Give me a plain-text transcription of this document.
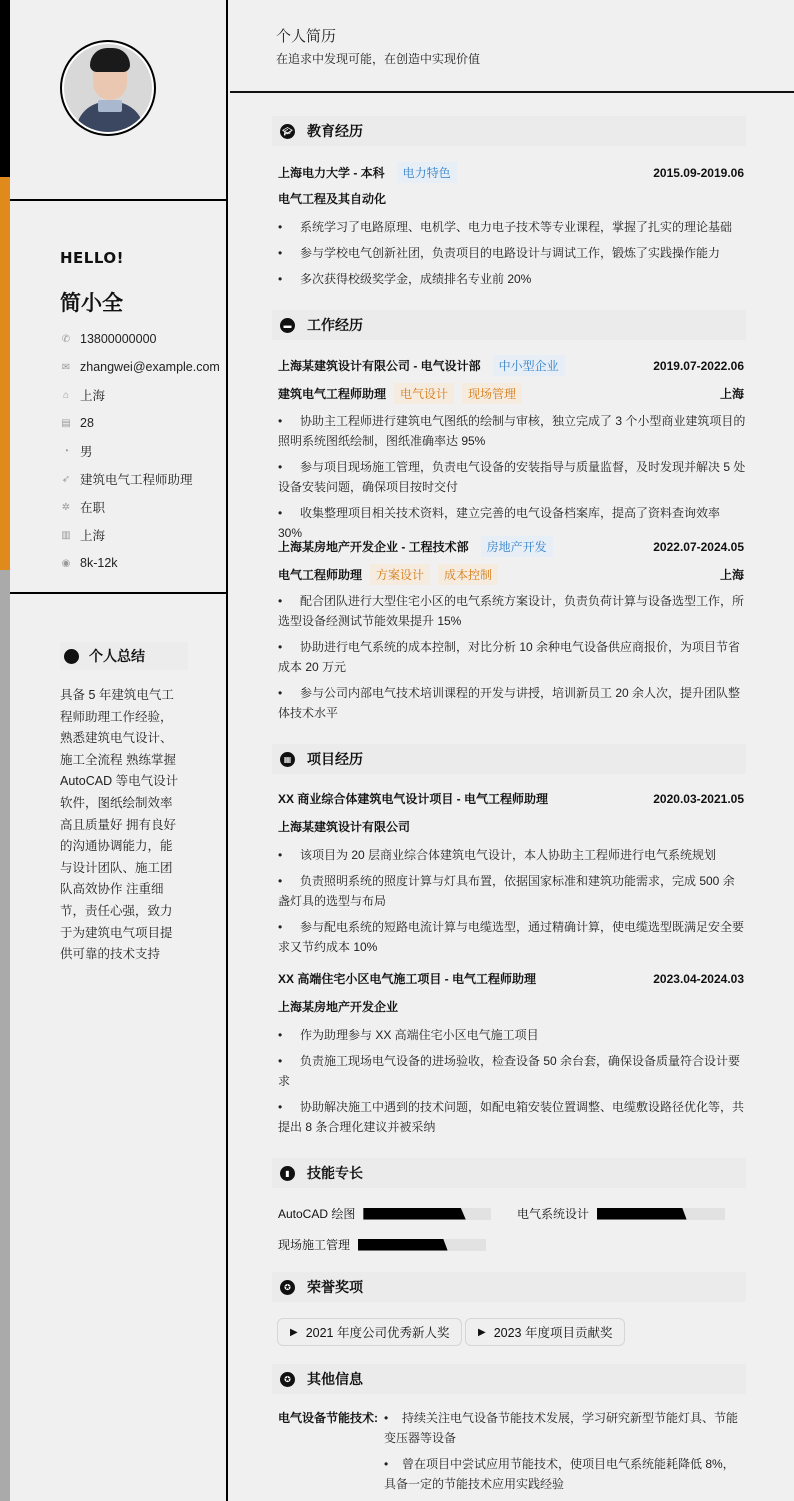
HELLO!
简小全
✆ 13800000000
✉ zhangwei@example.com
⌂ 上海
▤ 28
◔ 男
➶ 建筑电气工程师助理
✲ 在职
▥ 上海
◉ 8k-12k
个人总结

具备 5 年建筑电气工程师助理工作经验，熟悉建筑电气设计、施工全流程 熟练掌握 AutoCAD 等电气设计软件，图纸绘制效率高且质量好 拥有良好的沟通协调能力，能与设计团队、施工团队高效协作 注重细节，责任心强，致力于为建筑电气项目提供可靠的技术支持

个人简历
在追求中发现可能，在创造中实现价值
🎓︎ 教育经历
上海电力大学 - 本科	电力特色	2015.09-2019.06
电气工程及其自动化
• 系统学习了电路原理、电机学、电力电子技术等专业课程，掌握了扎实的理论基础
• 参与学校电气创新社团，负责项目的电路设计与调试工作，锻炼了实践操作能力
• 多次获得校级奖学金，成绩排名专业前 20%
▬ 工作经历
上海某建筑设计有限公司 - 电气设计部	中小型企业	2019.07-2022.06
建筑电气工程师助理	电气设计	现场管理	上海
• 协助主工程师进行建筑电气图纸的绘制与审核，独立完成了 3 个小型商业建筑项目的照明系统图纸绘制，图纸准确率达 95%
• 参与项目现场施工管理，负责电气设备的安装指导与质量监督，及时发现并解决 5 处设备安装问题，确保项目按时交付
• 收集整理项目相关技术资料，建立完善的电气设备档案库，提高了资料查询效率 30%
上海某房地产开发企业 - 工程技术部	房地产开发	2022.07-2024.05
电气工程师助理	方案设计	成本控制	上海
• 配合团队进行大型住宅小区的电气系统方案设计，负责负荷计算与设备选型工作，所选型设备经测试节能效果提升 15%
• 协助进行电气系统的成本控制，对比分析 10 余种电气设备供应商报价，为项目节省成本 20 万元
• 参与公司内部电气技术培训课程的开发与讲授，培训新员工 20 余人次，提升团队整体技术水平
▦ 项目经历
XX 商业综合体建筑电气设计项目 - 电气工程师助理	2020.03-2021.05
上海某建筑设计有限公司
• 该项目为 20 层商业综合体建筑电气设计，本人协助主工程师进行电气系统规划
• 负责照明系统的照度计算与灯具布置，依据国家标准和建筑功能需求，完成 500 余盏灯具的选型与布局
• 参与配电系统的短路电流计算与电缆选型，通过精确计算，使电缆选型既满足安全要求又节约成本 10%
XX 高端住宅小区电气施工项目 - 电气工程师助理	2023.04-2024.03
上海某房地产开发企业
• 作为助理参与 XX 高端住宅小区电气施工项目
• 负责施工现场电气设备的进场验收，检查设备 50 余台套，确保设备质量符合设计要求
• 协助解决施工中遇到的技术问题，如配电箱安装位置调整、电缆敷设路径优化等，共提出 8 条合理化建议并被采纳
▮	技能专长
AutoCAD 绘图	电气系统设计
现场施工管理
✪ 荣誉奖项
▶ 2021 年度公司优秀新人奖	▶ 2023 年度项目贡献奖
✪ 其他信息
电气设备节能技术: • 持续关注电气设备节能技术发展，学习研究新型节能灯具、节能变压器等设备
• 曾在项目中尝试应用节能技术，使项目电气系统能耗降低 8%，具备一定的节能技术应用实践经验
